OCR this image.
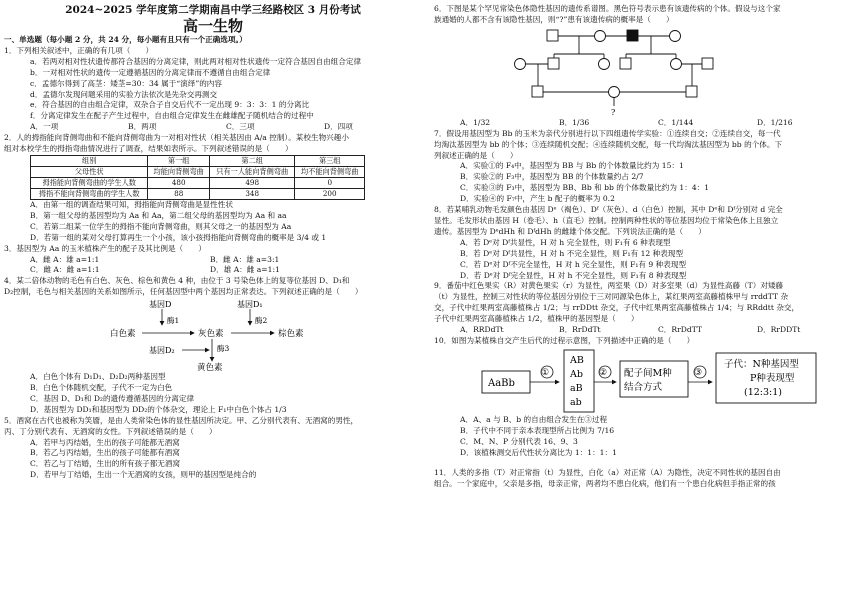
2024~2025 学年度第二学期南昌中学三经路校区 3 月份考试
高一生物
一、单选题（每小题 2 分，共 24 分，每小题有且只有一个正确选项。）
1．下列相关叙述中，正确的有几项（　　）
a．若两对相对性状遗传都符合基因的分离定律，则此两对相对性状遗传一定符合基因自由组合定律
b．一对相对性状的遗传一定遵循基因的分离定律而不遵循自由组合定律
c．孟德尔得到了高茎：矮茎=30：34 属于“演绎”的内容
d．孟德尔发现问题采用的实验方法依次是先杂交再测交
e．符合基因的自由组合定律，双杂合子自交后代不一定出现 9：3：3：1 的分离比
f．分离定律发生在配子产生过程中，自由组合定律发生在雌雄配子随机结合的过程中
A．一项	B．两项	C．三项	D．四项
2．人的拇指能向背侧弯曲和不能向背侧弯曲为一对相对性状（相关基因由 A/a 控制）。某校生物兴趣小
组对本校学生的拇指弯曲情况进行了调查，结果如表所示。下列叙述错误的是（　　）
组别	第一组	第二组	第三组
父母性状	均能向背侧弯曲	只有一人能向背侧弯曲	均不能向背侧弯曲
拇指能向背侧弯曲的学生人数	480	498	0
拇指不能向背侧弯曲的学生人数	88	348	200
A．由第一组的调查结果可知，拇指能向背侧弯曲是显性性状
B．第一组父母的基因型均为 Aa 和 Aa，第二组父母的基因型均为 Aa 和 aa
C．若第二组某一位学生的拇指不能向背侧弯曲，则其父母之一的基因型为 Aa
D．若第一组的某对父母打算再生一个小孩，该小孩拇指能向背侧弯曲的概率是 3/4 或 1
3．基因型为 Aa 的玉米植株产生的配子及其比例是（　　）
A．雌 A：雄 a=1:1	B．雌 A：雄 a=3:1
C．雌 A：雌 a=1:1	D．雄 A：雌 a=1:1
4．某二倍体动物的毛色有白色、灰色、棕色和黄色 4 种，由位于 3 号染色体上的复等位基因 D、D₁和
D₂控制，毛色与相关基因的关系如图所示，任何基因型中两个基因均正常表达。下列叙述正确的是（　　）
基因D
酶1
基因D₁
酶2
白色素	灰色素	棕色素
基因D₂	酶3
黄色素
A．白色个体有 D₁D₁、D₂D₂两种基因型
B．白色个体随机交配，子代不一定为白色
C．基因 D、D₁和 D₂的遗传遵循基因的分离定律
D．基因型为 DD₁和基因型为 DD₂的个体杂交，理论上 F₁中白色个体占 1/3
5．酒窝在古代也被称为笑靥，是由人类常染色体的显性基因所决定。甲、乙分别代表有、无酒窝的男性，
丙、丁分别代表有、无酒窝的女性。下列叙述错误的是（　　）
A．若甲与丙结婚，生出的孩子可能都无酒窝
B．若乙与丙结婚，生出的孩子可能都有酒窝
C．若乙与丁结婚，生出的所有孩子都无酒窝
D．若甲与丁结婚，生出一个无酒窝的女孩，则甲的基因型是纯合的
6．下图是某个罕见常染色体隐性基因的遗传系谱图。黑色符号表示患有该遗传病的个体。假设与这个家
族通婚的人都不含有该隐性基因，则“?”患有该遗传病的概率是（　　）
?
A．1/32	B．1/36	C．1/144	D．1/216
7．假设用基因型为 Bb 的玉米为亲代分别进行以下四组遗传学实验：①连续自交；②连续自交，每一代
均淘汰基因型为 bb 的个体；③连续随机交配；④连续随机交配，每一代均淘汰基因型为 bb 的个体。下
列叙述正确的是（　　）
A．实验①的 F₄中，基因型为 BB 与 Bb 的个体数量比约为 15：1
B．实验②的 F₃中，基因型为 BB 的个体数量约占 2/7
C．实验③的 F₃中，基因型为 BB、Bb 和 bb 的个体数量比约为 1：4：1
D．实验④的 F₇中，产生 b 配子的概率为 0.2
8．若某哺乳动物毛发颜色由基因 Dᵉ（褐色）、Dᶠ（灰色）、d（白色）控制，其中 Dᵉ和 Dᶠ分别对 d 完全
显性。毛发形状由基因 H（卷毛）、h（直毛）控制。控制两种性状的等位基因均位于常染色体上且独立
遗传。基因型为 DᵉdHh 和 DᶠdHh 的雌雄个体交配。下列说法正确的是（　　）
A．若 Dᵉ对 Dᶠ共显性，H 对 h 完全显性，则 F₁有 6 种表现型
B．若 Dᵉ对 Dᶠ共显性，H 对 h 不完全显性，则 F₁有 12 种表现型
C．若 Dᵉ对 Dᶠ不完全显性，H 对 h 完全显性，则 F₁有 9 种表现型
D．若 Dᵉ对 Dᶠ完全显性，H 对 h 不完全显性，则 F₁有 8 种表现型
9．番茄中红色果实（R）对黄色果实（r）为显性，两室果（D）对多室果（d）为显性高藤（T）对矮藤
（t）为显性，控制三对性状的等位基因分别位于三对同源染色体上，某红果两室高藤植株甲与 rrddTT 杂
交，子代中红果两室高藤植株占 1/2；与 rrDDtt 杂交，子代中红果两室高藤植株占 1/4；与 RRddtt 杂交，
子代中红果两室高藤植株占 1/2，植株甲的基因型是（　　）
A．RRDdTt	B．RrDdTt	C．RrDdTT	D．RrDDTt
10．如图为某植株自交产生后代的过程示意图，下列描述中正确的是（　　）
AaBb
①
AB
Ab
aB
ab
② 配子间M种
结合方式
③
子代：N种基因型
P种表现型
(12:3:1)
A．A、a 与 B、b 的自由组合发生在③过程
B．子代中不同于亲本表现型所占比例为 7/16
C．M、N、P 分别代表 16、9、3
D．该植株测交后代性状分离比为 1：1：1：1
11．人类的多指（T）对正常指（t）为显性，白化（a）对正常（A）为隐性，决定不同性状的基因自由
组合。一个家庭中，父亲是多指，母亲正常，两者均不患白化病，他们有一个患白化病但手指正常的孩
